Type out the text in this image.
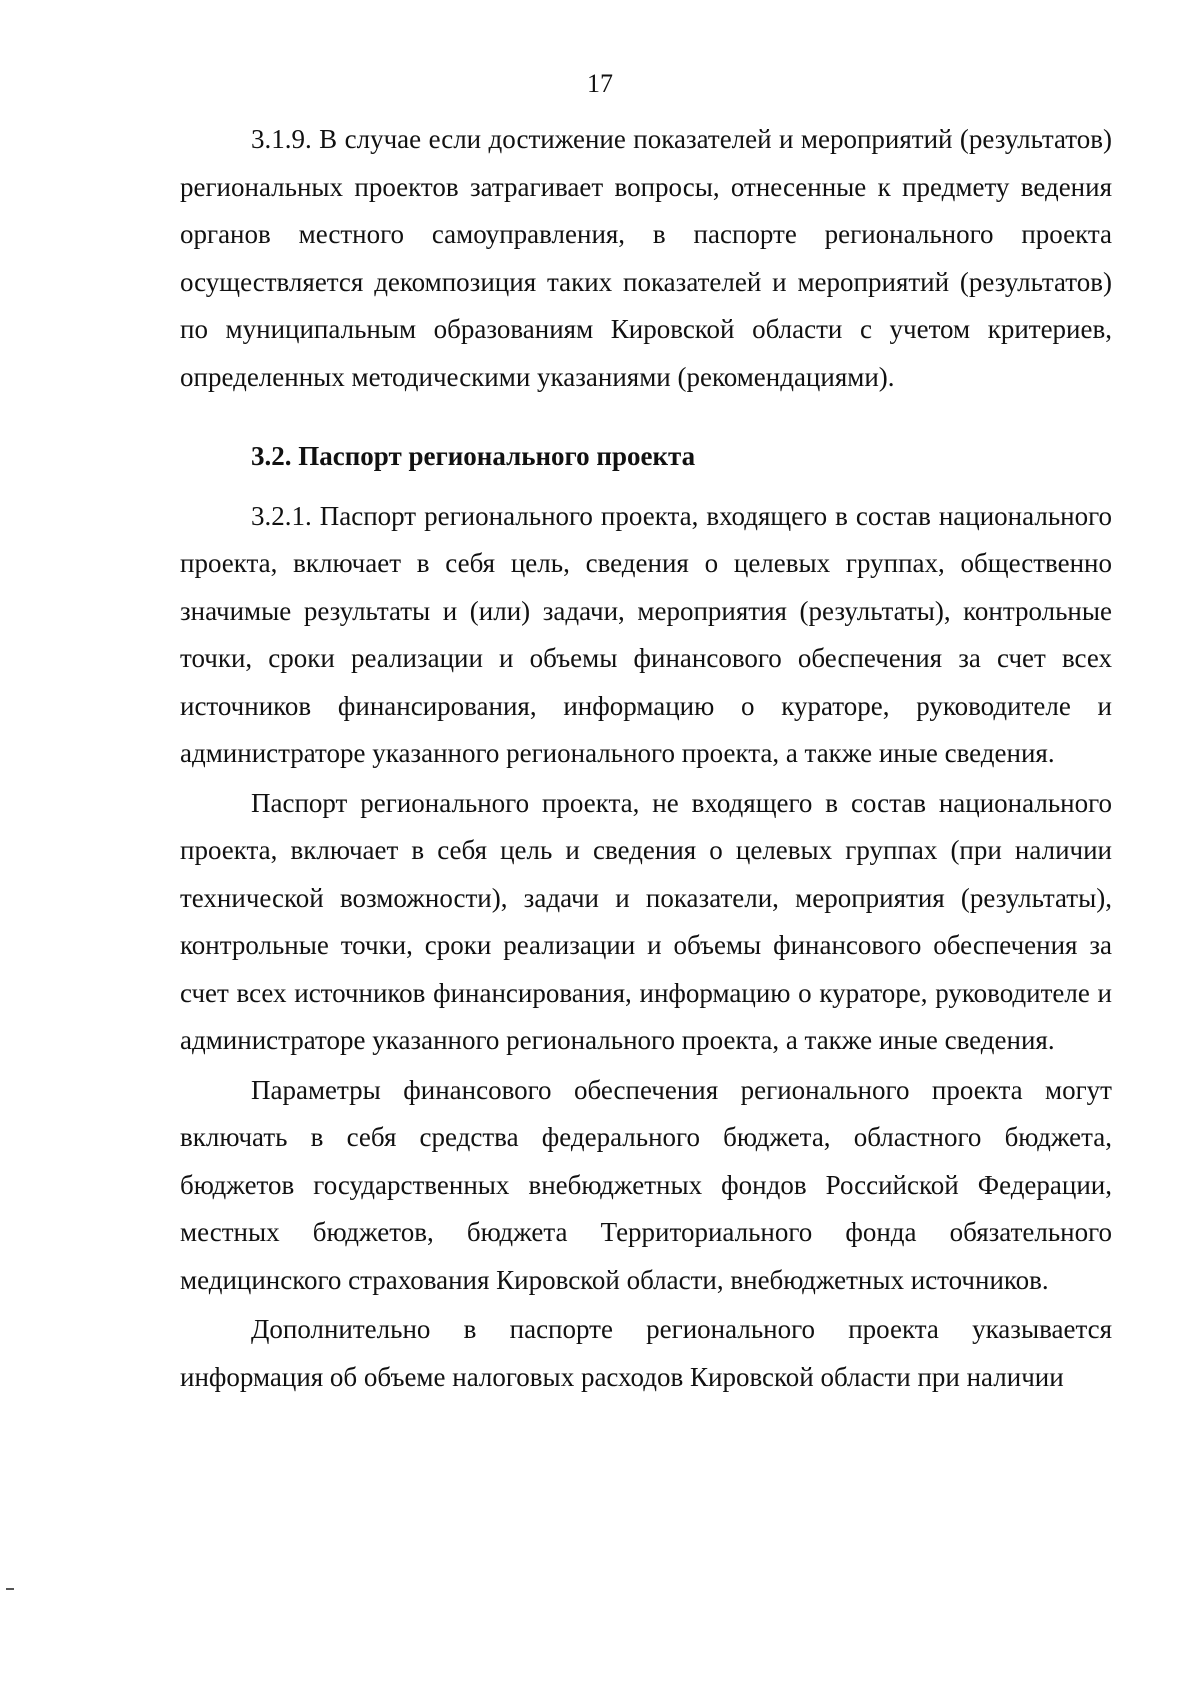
17

3.1.9. В случае если достижение показателей и мероприятий (результатов) региональных проектов затрагивает вопросы, отнесенные к предмету ведения органов местного самоуправления, в паспорте регионального проекта осуществляется декомпозиция таких показателей и мероприятий (результатов) по муниципальным образованиям Кировской области с учетом критериев, определенных методическими указаниями (рекомендациями).

3.2. Паспорт регионального проекта

3.2.1. Паспорт регионального проекта, входящего в состав национального проекта, включает в себя цель, сведения о целевых группах, общественно значимые результаты и (или) задачи, мероприятия (результаты), контрольные точки, сроки реализации и объемы финансового обеспечения за счет всех источников финансирования, информацию о кураторе, руководителе и администраторе указанного регионального проекта, а также иные сведения.

Паспорт регионального проекта, не входящего в состав национального проекта, включает в себя цель и сведения о целевых группах (при наличии технической возможности), задачи и показатели, мероприятия (результаты), контрольные точки, сроки реализации и объемы финансового обеспечения за счет всех источников финансирования, информацию о кураторе, руководителе и администраторе указанного регионального проекта, а также иные сведения.

Параметры финансового обеспечения регионального проекта могут включать в себя средства федерального бюджета, областного бюджета, бюджетов государственных внебюджетных фондов Российской Федерации, местных бюджетов, бюджета Территориального фонда обязательного медицинского страхования Кировской области, внебюджетных источников.

Дополнительно в паспорте регионального проекта указывается информация об объеме налоговых расходов Кировской области при наличии
